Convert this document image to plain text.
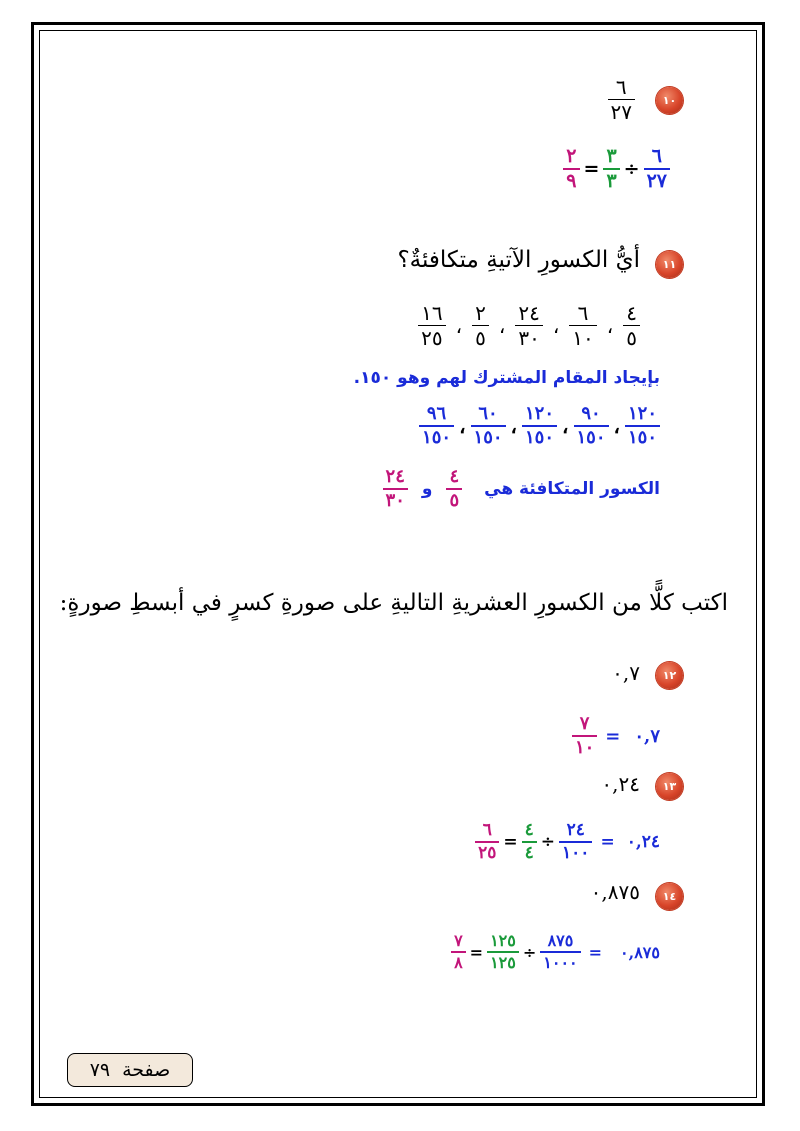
١٠
$\frac{٦}{٢٧}$
$\frac{٦}{٢٧}$
÷
$\frac{٣}{٣}$
=
$\frac{٢}{٩}$
١١
أيُّ الكسورِ الآتيةِ متكافئةٌ؟
$\frac{٤}{٥}$
،
$\frac{٦}{١٠}$
،
$\frac{٢٤}{٣٠}$
،
$\frac{٢}{٥}$
،
$\frac{١٦}{٢٥}$
بإيجاد المقام المشترك لهم وهو ١٥٠.
$\frac{١٢٠}{١٥٠}$
،
$\frac{٩٠}{١٥٠}$
،
$\frac{١٢٠}{١٥٠}$
،
$\frac{٦٠}{١٥٠}$
،
$\frac{٩٦}{١٥٠}$
الكسور المتكافئة هي
$\frac{٤}{٥}$
و
$\frac{٢٤}{٣٠}$
اكتب كلًّا من الكسورِ العشريةِ التاليةِ على صورةِ كسرٍ في أبسطِ صورةٍ:
١٢
٠,٧
٠,٧
=
$\frac{٧}{١٠}$
١٣
٠,٢٤
٠,٢٤
=
$\frac{٢٤}{١٠٠}$
÷
$\frac{٤}{٤}$
=
$\frac{٦}{٢٥}$
١٤
٠,٨٧٥
٠,٨٧٥
=
$\frac{٨٧٥}{١٠٠٠}$
÷
$\frac{١٢٥}{١٢٥}$
=
$\frac{٧}{٨}$
صفحة
٧٩
